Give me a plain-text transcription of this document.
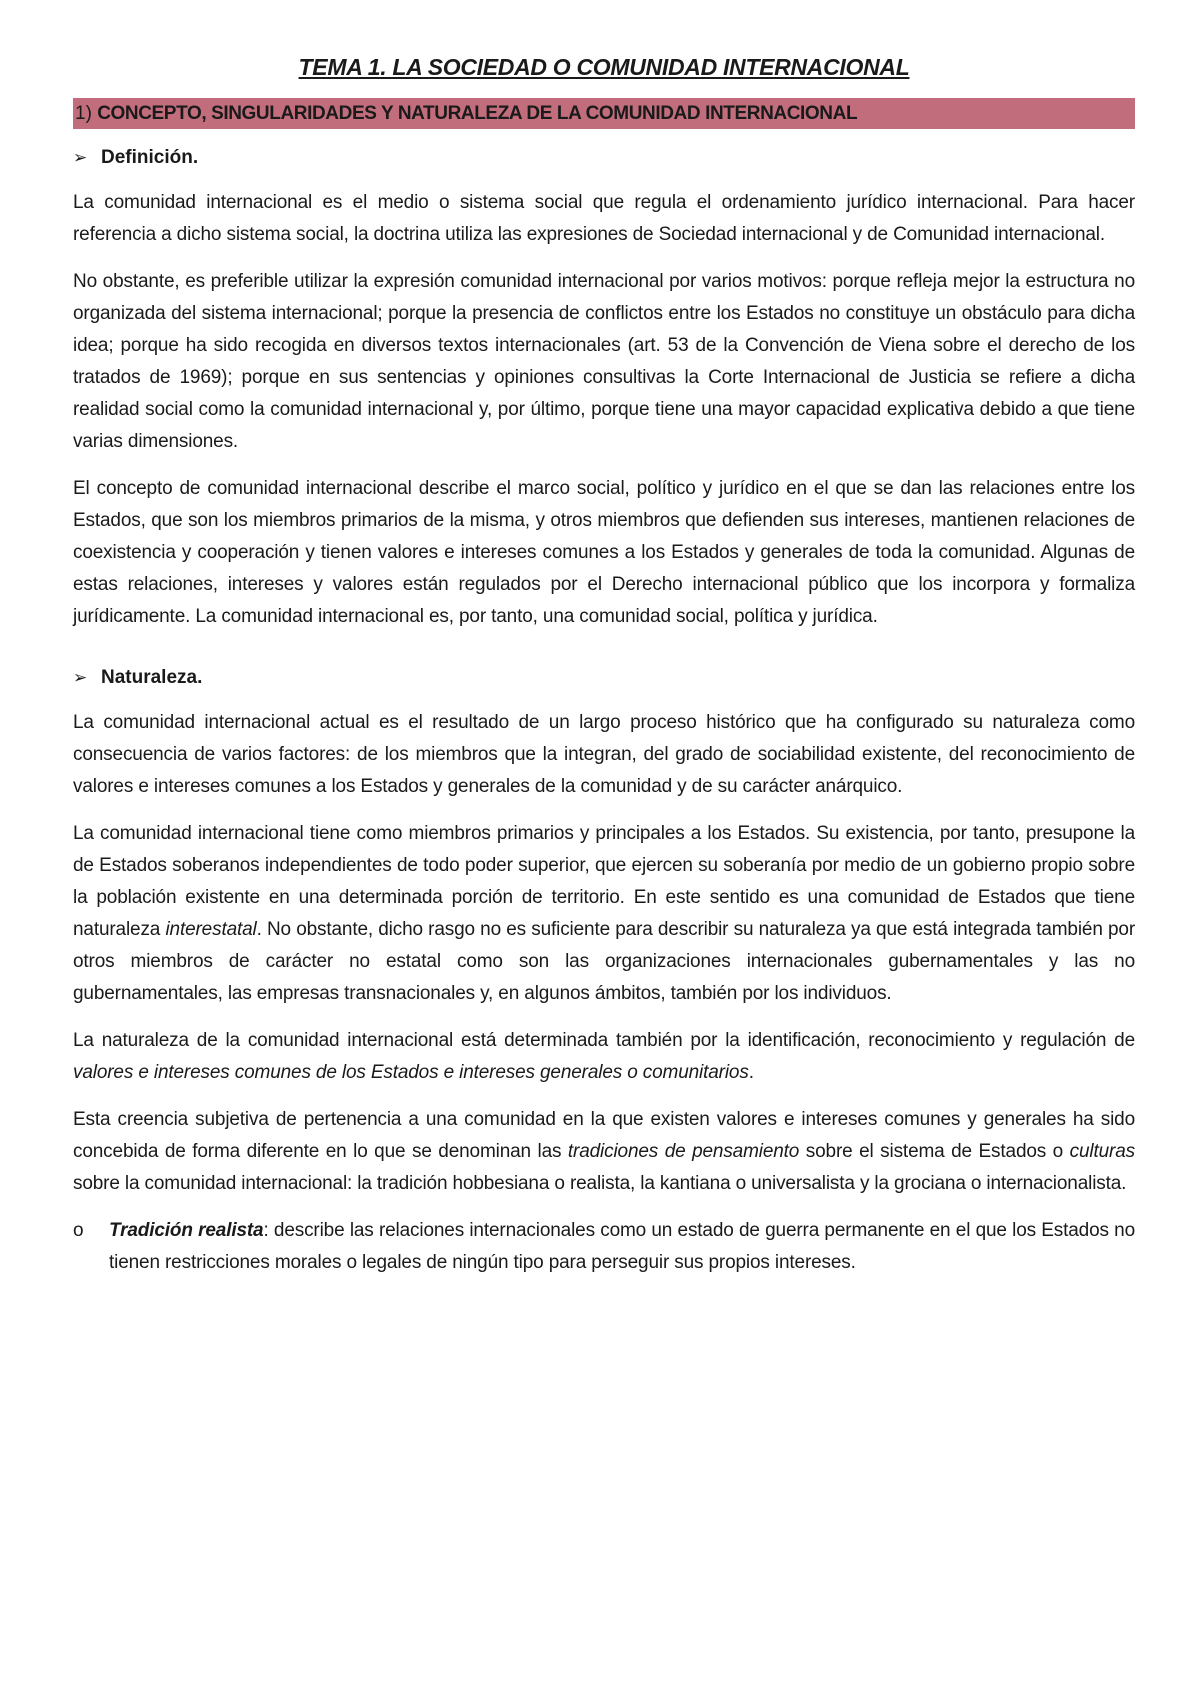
TEMA 1. LA SOCIEDAD O COMUNIDAD INTERNACIONAL
1) CONCEPTO, SINGULARIDADES Y NATURALEZA DE LA COMUNIDAD INTERNACIONAL
➢ Definición.

La comunidad internacional es el medio o sistema social que regula el ordenamiento jurídico internacional. Para hacer referencia a dicho sistema social, la doctrina utiliza las expresiones de Sociedad internacional y de Comunidad internacional.

No obstante, es preferible utilizar la expresión comunidad internacional por varios motivos: porque refleja mejor la estructura no organizada del sistema internacional; porque la presencia de conflictos entre los Estados no constituye un obstáculo para dicha idea; porque ha sido recogida en diversos textos internacionales (art. 53 de la Convención de Viena sobre el derecho de los tratados de 1969); porque en sus sentencias y opiniones consultivas la Corte Internacional de Justicia se refiere a dicha realidad social como la comunidad internacional y, por último, porque tiene una mayor capacidad explicativa debido a que tiene varias dimensiones.

El concepto de comunidad internacional describe el marco social, político y jurídico en el que se dan las relaciones entre los Estados, que son los miembros primarios de la misma, y otros miembros que defienden sus intereses, mantienen relaciones de coexistencia y cooperación y tienen valores e intereses comunes a los Estados y generales de toda la comunidad. Algunas de estas relaciones, intereses y valores están regulados por el Derecho internacional público que los incorpora y formaliza jurídicamente. La comunidad internacional es, por tanto, una comunidad social, política y jurídica.

➢ Naturaleza.

La comunidad internacional actual es el resultado de un largo proceso histórico que ha configurado su naturaleza como consecuencia de varios factores: de los miembros que la integran, del grado de sociabilidad existente, del reconocimiento de valores e intereses comunes a los Estados y generales de la comunidad y de su carácter anárquico.

La comunidad internacional tiene como miembros primarios y principales a los Estados. Su existencia, por tanto, presupone la de Estados soberanos independientes de todo poder superior, que ejercen su soberanía por medio de un gobierno propio sobre la población existente en una determinada porción de territorio. En este sentido es una comunidad de Estados que tiene naturaleza interestatal. No obstante, dicho rasgo no es suficiente para describir su naturaleza ya que está integrada también por otros miembros de carácter no estatal como son las organizaciones internacionales gubernamentales y las no gubernamentales, las empresas transnacionales y, en algunos ámbitos, también por los individuos.

La naturaleza de la comunidad internacional está determinada también por la identificación, reconocimiento y regulación de valores e intereses comunes de los Estados e intereses generales o comunitarios.

Esta creencia subjetiva de pertenencia a una comunidad en la que existen valores e intereses comunes y generales ha sido concebida de forma diferente en lo que se denominan las tradiciones de pensamiento sobre el sistema de Estados o culturas sobre la comunidad internacional: la tradición hobbesiana o realista, la kantiana o universalista y la grociana o internacionalista.

o	Tradición realista: describe las relaciones internacionales como un estado de guerra permanente en el que los Estados no tienen restricciones morales o legales de ningún tipo para perseguir sus propios intereses.
